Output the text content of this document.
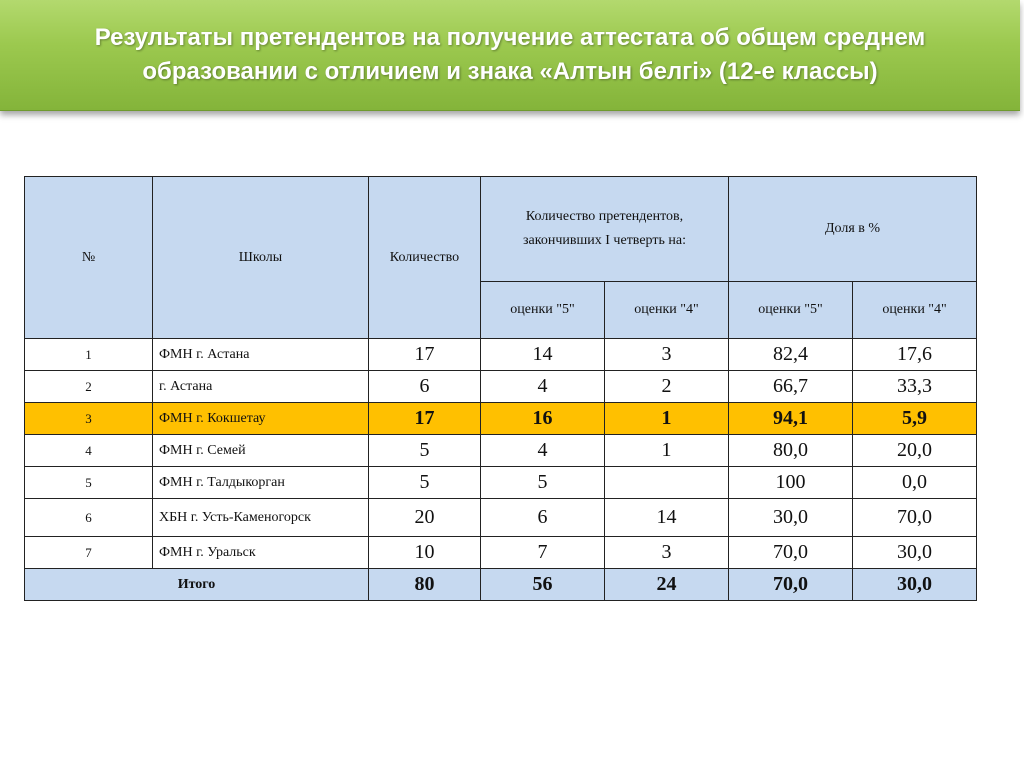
Результаты претендентов на получение аттестата об общем среднем образовании с отличием и знака «Алтын белгі» (12-е классы)
№	Школы	Количество	Количество претендентов, закончивших I четверть на:		Доля в %	
			оценки "5"	оценки "4"	оценки "5"	оценки "4"
1	ФМН г. Астана	17	14	3	82,4	17,6
2	г. Астана	6	4	2	66,7	33,3
3	ФМН г. Кокшетау	17	16	1	94,1	5,9
4	ФМН г. Семей	5	4	1	80,0	20,0
5	ФМН г. Талдыкорган	5	5		100	0,0
6	ХБН г. Усть-Каменогорск	20	6	14	30,0	70,0
7	ФМН г. Уральск	10	7	3	70,0	30,0
Итого		80	56	24	70,0	30,0
